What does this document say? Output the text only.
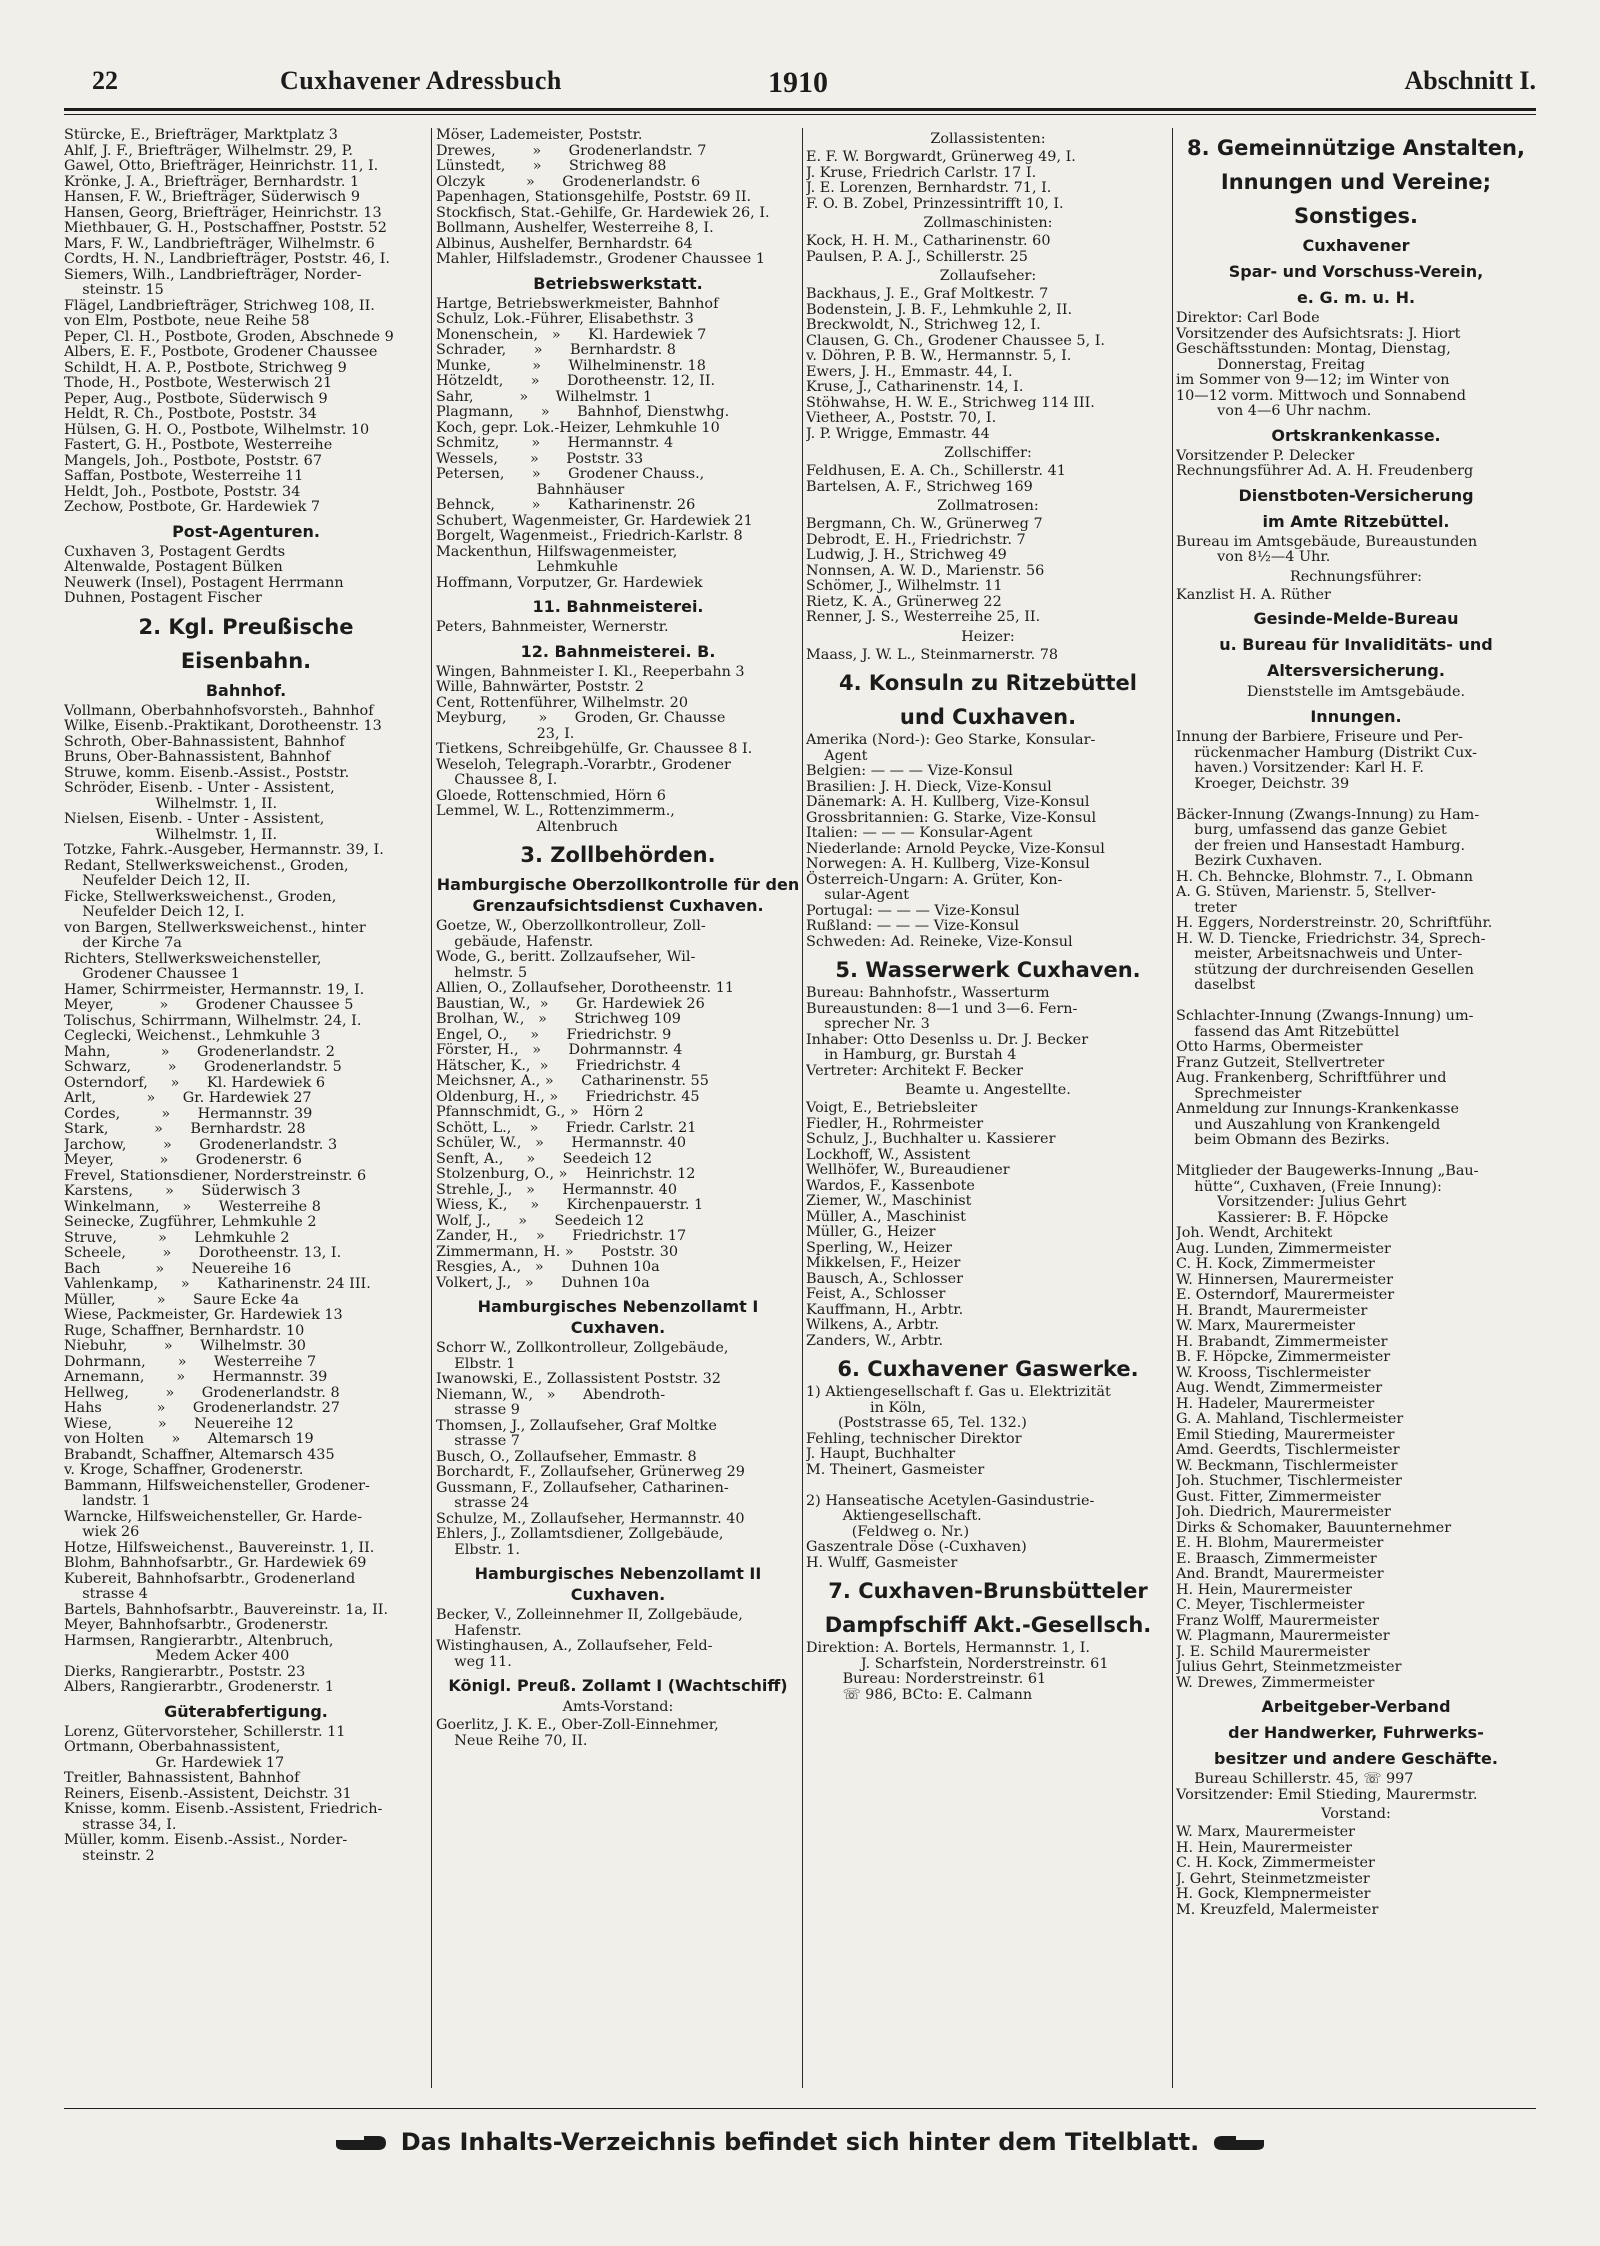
22	Cuxhavener Adressbuch	1910	Abschnitt I.
Stürcke, E., Briefträger, Marktplatz 3
Ahlf, J. F., Briefträger, Wilhelmstr. 29, P.
Gawel, Otto, Briefträger, Heinrichstr. 11, I.
Krönke, J. A., Briefträger, Bernhardstr. 1
Hansen, F. W., Briefträger, Süderwisch 9
Hansen, Georg, Briefträger, Heinrichstr. 13
Miethbauer, G. H., Postschaffner, Poststr. 52
Mars, F. W., Landbriefträger, Wilhelmstr. 6
Cordts, H. N., Landbriefträger, Poststr. 46, I.
Siemers, Wilh., Landbriefträger, Norder-
steinstr. 15
Flägel, Landbriefträger, Strichweg 108, II.
von Elm, Postbote, neue Reihe 58
Peper, Cl. H., Postbote, Groden, Abschnede 9
Albers, E. F., Postbote, Grodener Chaussee
Schildt, H. A. P., Postbote, Strichweg 9
Thode, H., Postbote, Westerwisch 21
Peper, Aug., Postbote, Süderwisch 9
Heldt, R. Ch., Postbote, Poststr. 34
Hülsen, G. H. O., Postbote, Wilhelmstr. 10
Fastert, G. H., Postbote, Westerreihe
Mangels, Joh., Postbote, Poststr. 67
Saffan, Postbote, Westerreihe 11
Heldt, Joh., Postbote, Poststr. 34
Zechow, Postbote, Gr. Hardewiek 7
Post-Agenturen.
Cuxhaven 3, Postagent Gerdts
Altenwalde, Postagent Bülken
Neuwerk (Insel), Postagent Herrmann
Duhnen, Postagent Fischer
2. Kgl. Preußische
Eisenbahn.
Bahnhof.
Vollmann, Oberbahnhofsvorsteh., Bahnhof
Wilke, Eisenb.-Praktikant, Dorotheenstr. 13
Schroth, Ober-Bahnassistent, Bahnhof
Bruns, Ober-Bahnassistent, Bahnhof
Struwe, komm. Eisenb.-Assist., Poststr.
Schröder, Eisenb. - Unter - Assistent,
Wilhelmstr. 1, II.
Nielsen, Eisenb. - Unter - Assistent,
Wilhelmstr. 1, II.
Totzke, Fahrk.-Ausgeber, Hermannstr. 39, I.
Redant, Stellwerksweichenst., Groden,
Neufelder Deich 12, II.
Ficke, Stellwerksweichenst., Groden,
Neufelder Deich 12, I.
von Bargen, Stellwerksweichenst., hinter
der Kirche 7a
Richters, Stellwerksweichensteller,
Grodener Chaussee 1
Hamer, Schirrmeister, Hermannstr. 19, I.
Meyer,          »      Grodener Chaussee 5
Tolischus, Schirrmann, Wilhelmstr. 24, I.
Ceglecki, Weichenst., Lehmkuhle 3
Mahn,           »      Grodenerlandstr. 2
Schwarz,        »      Grodenerlandstr. 5
Osterndorf,     »      Kl. Hardewiek 6
Arlt,           »      Gr. Hardewiek 27
Cordes,         »      Hermannstr. 39
Stark,          »      Bernhardstr. 28
Jarchow,        »      Grodenerlandstr. 3
Meyer,          »      Grodenerstr. 6
Frevel, Stationsdiener, Norderstreinstr. 6
Karstens,       »      Süderwisch 3
Winkelmann,     »      Westerreihe 8
Seinecke, Zugführer, Lehmkuhle 2
Struve,         »      Lehmkuhle 2
Scheele,        »      Dorotheenstr. 13, I.
Bach            »      Neuereihe 16
Vahlenkamp,     »      Katharinenstr. 24 III.
Müller,         »      Saure Ecke 4a
Wiese, Packmeister, Gr. Hardewiek 13
Ruge, Schaffner, Bernhardstr. 10
Niebuhr,        »      Wilhelmstr. 30
Dohrmann,       »      Westerreihe 7
Arnemann,       »      Hermannstr. 39
Hellweg,        »      Grodenerlandstr. 8
Hahs            »      Grodenerlandstr. 27
Wiese,          »      Neuereihe 12
von Holten      »      Altemarsch 19
Brabandt, Schaffner, Altemarsch 435
v. Kroge, Schaffner, Grodenerstr.
Bammann, Hilfsweichensteller, Grodener-
landstr. 1
Warncke, Hilfsweichensteller, Gr. Harde-
wiek 26
Hotze, Hilfsweichenst., Bauvereinstr. 1, II.
Blohm, Bahnhofsarbtr., Gr. Hardewiek 69
Kubereit, Bahnhofsarbtr., Grodenerland
strasse 4
Bartels, Bahnhofsarbtr., Bauvereinstr. 1a, II.
Meyer, Bahnhofsarbtr., Grodenerstr.
Harmsen, Rangierarbtr., Altenbruch,
Medem Acker 400
Dierks, Rangierarbtr., Poststr. 23
Albers, Rangierarbtr., Grodenerstr. 1
Güterabfertigung.
Lorenz, Gütervorsteher, Schillerstr. 11
Ortmann, Oberbahnassistent,
Gr. Hardewiek 17
Treitler, Bahnassistent, Bahnhof
Reiners, Eisenb.-Assistent, Deichstr. 31
Knisse, komm. Eisenb.-Assistent, Friedrich-
strasse 34, I.
Müller, komm. Eisenb.-Assist., Norder-
steinstr. 2
Möser, Lademeister, Poststr.
Drewes,        »      Grodenerlandstr. 7
Lünstedt,      »      Strichweg 88
Olczyk         »      Grodenerlandstr. 6
Papenhagen, Stationsgehilfe, Poststr. 69 II.
Stockfisch, Stat.-Gehilfe, Gr. Hardewiek 26, I.
Bollmann, Aushelfer, Westerreihe 8, I.
Albinus, Aushelfer, Bernhardstr. 64
Mahler, Hilfslademstr., Grodener Chaussee 1
Betriebswerkstatt.
Hartge, Betriebswerkmeister, Bahnhof
Schulz, Lok.-Führer, Elisabethstr. 3
Monenschein,   »      Kl. Hardewiek 7
Schrader,      »      Bernhardstr. 8
Munke,         »      Wilhelminenstr. 18
Hötzeldt,      »      Dorotheenstr. 12, II.
Sahr,          »      Wilhelmstr. 1
Plagmann,      »      Bahnhof, Dienstwhg.
Koch, gepr. Lok.-Heizer, Lehmkuhle 10
Schmitz,       »      Hermannstr. 4
Wessels,       »      Poststr. 33
Petersen,      »      Grodener Chauss.,
Bahnhäuser
Behnck,        »      Katharinenstr. 26
Schubert, Wagenmeister, Gr. Hardewiek 21
Borgelt, Wagenmeist., Friedrich-Karlstr. 8
Mackenthun, Hilfswagenmeister,
Lehmkuhle
Hoffmann, Vorputzer, Gr. Hardewiek
11. Bahnmeisterei.
Peters, Bahnmeister, Wernerstr.
12. Bahnmeisterei. B.
Wingen, Bahnmeister I. Kl., Reeperbahn 3
Wille, Bahnwärter, Poststr. 2
Cent, Rottenführer, Wilhelmstr. 20
Meyburg,       »      Groden, Gr. Chausse
23, I.
Tietkens, Schreibgehülfe, Gr. Chaussee 8 I.
Weseloh, Telegraph.-Vorarbtr., Grodener
Chaussee 8, I.
Gloede, Rottenschmied, Hörn 6
Lemmel, W. L., Rottenzimmerm.,
Altenbruch
3. Zollbehörden.
Hamburgische Oberzollkontrolle für den Grenzaufsichtsdienst Cuxhaven.
Goetze, W., Oberzollkontrolleur, Zoll-
gebäude, Hafenstr.
Wode, G., beritt. Zollzaufseher, Wil-
helmstr. 5
Allien, O., Zollaufseher, Dorotheenstr. 11
Baustian, W.,  »      Gr. Hardewiek 26
Brolhan, W.,   »      Strichweg 109
Engel, O.,     »      Friedrichstr. 9
Förster, H.,   »      Dohrmannstr. 4
Hätscher, K.,  »      Friedrichstr. 4
Meichsner, A., »      Catharinenstr. 55
Oldenburg, H., »      Friedrichstr. 45
Pfannschmidt, G., »   Hörn 2
Schött, L.,    »      Friedr. Carlstr. 21
Schüler, W.,   »      Hermannstr. 40
Senft, A.,     »      Seedeich 12
Stolzenburg, O., »    Heinrichstr. 12
Strehle, J.,   »      Hermannstr. 40
Wiess, K.,     »      Kirchenpauerstr. 1
Wolf, J.,      »      Seedeich 12
Zander, H.,    »      Friedrichstr. 17
Zimmermann, H. »      Poststr. 30
Resgies, A.,   »      Duhnen 10a
Volkert, J.,   »      Duhnen 10a
Hamburgisches Nebenzollamt I Cuxhaven.
Schorr W., Zollkontrolleur, Zollgebäude,
Elbstr. 1
Iwanowski, E., Zollassistent Poststr. 32
Niemann, W.,   »      Abendroth-
strasse 9
Thomsen, J., Zollaufseher, Graf Moltke
strasse 7
Busch, O., Zollaufseher, Emmastr. 8
Borchardt, F., Zollaufseher, Grünerweg 29
Gussmann, F., Zollaufseher, Catharinen-
strasse 24
Schulze, M., Zollaufseher, Hermannstr. 40
Ehlers, J., Zollamtsdiener, Zollgebäude,
Elbstr. 1.
Hamburgisches Nebenzollamt II Cuxhaven.
Becker, V., Zolleinnehmer II, Zollgebäude,
Hafenstr.
Wistinghausen, A., Zollaufseher, Feld-
weg 11.
Königl. Preuß. Zollamt I (Wachtschiff)
Amts-Vorstand:
Goerlitz, J. K. E., Ober-Zoll-Einnehmer,
Neue Reihe 70, II.
Zollassistenten:
E. F. W. Borgwardt, Grünerweg 49, I.
J. Kruse, Friedrich Carlstr. 17 I.
J. E. Lorenzen, Bernhardstr. 71, I.
F. O. B. Zobel, Prinzessintrifft 10, I.
Zollmaschinisten:
Kock, H. H. M., Catharinenstr. 60
Paulsen, P. A. J., Schillerstr. 25
Zollaufseher:
Backhaus, J. E., Graf Moltkestr. 7
Bodenstein, J. B. F., Lehmkuhle 2, II.
Breckwoldt, N., Strichweg 12, I.
Clausen, G. Ch., Grodener Chaussee 5, I.
v. Döhren, P. B. W., Hermannstr. 5, I.
Ewers, J. H., Emmastr. 44, I.
Kruse, J., Catharinenstr. 14, I.
Stöhwahse, H. W. E., Strichweg 114 III.
Vietheer, A., Poststr. 70, I.
J. P. Wrigge, Emmastr. 44
Zollschiffer:
Feldhusen, E. A. Ch., Schillerstr. 41
Bartelsen, A. F., Strichweg 169
Zollmatrosen:
Bergmann, Ch. W., Grünerweg 7
Debrodt, E. H., Friedrichstr. 7
Ludwig, J. H., Strichweg 49
Nonnsen, A. W. D., Marienstr. 56
Schömer, J., Wilhelmstr. 11
Rietz, K. A., Grünerweg 22
Renner, J. S., Westerreihe 25, II.
Heizer:
Maass, J. W. L., Steinmarnerstr. 78
4. Konsuln zu Ritzebüttel
und Cuxhaven.
Amerika (Nord-): Geo Starke, Konsular-
Agent
Belgien: — — — Vize-Konsul
Brasilien: J. H. Dieck, Vize-Konsul
Dänemark: A. H. Kullberg, Vize-Konsul
Grossbritannien: G. Starke, Vize-Konsul
Italien: — — — Konsular-Agent
Niederlande: Arnold Peycke, Vize-Konsul
Norwegen: A. H. Kullberg, Vize-Konsul
Österreich-Ungarn: A. Grüter, Kon-
sular-Agent
Portugal: — — — Vize-Konsul
Rußland: — — — Vize-Konsul
Schweden: Ad. Reineke, Vize-Konsul
5. Wasserwerk Cuxhaven.
Bureau: Bahnhofstr., Wasserturm
Bureaustunden: 8—1 und 3—6. Fern-
sprecher Nr. 3
Inhaber: Otto Desenlss u. Dr. J. Becker
in Hamburg, gr. Burstah 4
Vertreter: Architekt F. Becker
Beamte u. Angestellte.
Voigt, E., Betriebsleiter
Fiedler, H., Rohrmeister
Schulz, J., Buchhalter u. Kassierer
Lockhoff, W., Assistent
Wellhöfer, W., Bureaudiener
Wardos, F., Kassenbote
Ziemer, W., Maschinist
Müller, A., Maschinist
Müller, G., Heizer
Sperling, W., Heizer
Mikkelsen, F., Heizer
Bausch, A., Schlosser
Feist, A., Schlosser
Kauffmann, H., Arbtr.
Wilkens, A., Arbtr.
Zanders, W., Arbtr.
6. Cuxhavener Gaswerke.
1) Aktiengesellschaft f. Gas u. Elektrizität
in Köln,
(Poststrasse 65, Tel. 132.)
Fehling, technischer Direktor
J. Haupt, Buchhalter
M. Theinert, Gasmeister
2) Hanseatische Acetylen-Gasindustrie-
Aktiengesellschaft.
(Feldweg o. Nr.)
Gaszentrale Döse (-Cuxhaven)
H. Wulff, Gasmeister
7. Cuxhaven-Brunsbütteler
Dampfschiff Akt.-Gesellsch.
Direktion: A. Bortels, Hermannstr. 1, I.
J. Scharfstein, Norderstreinstr. 61
Bureau: Norderstreinstr. 61
☏ 986, BCto: E. Calmann
8. Gemeinnützige Anstalten,
Innungen und Vereine;
Sonstiges.
Cuxhavener
Spar- und Vorschuss-Verein,
e. G. m. u. H.
Direktor: Carl Bode
Vorsitzender des Aufsichtsrats: J. Hiort
Geschäftsstunden: Montag, Dienstag,
Donnerstag, Freitag
im Sommer von 9—12; im Winter von
10—12 vorm. Mittwoch und Sonnabend
von 4—6 Uhr nachm.
Ortskrankenkasse.
Vorsitzender P. Delecker
Rechnungsführer Ad. A. H. Freudenberg
Dienstboten-Versicherung
im Amte Ritzebüttel.
Bureau im Amtsgebäude, Bureaustunden
von 8½—4 Uhr.
Rechnungsführer:
Kanzlist H. A. Rüther
Gesinde-Melde-Bureau
u. Bureau für Invaliditäts- und
Altersversicherung.
Dienststelle im Amtsgebäude.
Innungen.
Innung der Barbiere, Friseure und Per-
rückenmacher Hamburg (Distrikt Cux-
haven.) Vorsitzender: Karl H. F.
Kroeger, Deichstr. 39
Bäcker-Innung (Zwangs-Innung) zu Ham-
burg, umfassend das ganze Gebiet
der freien und Hansestadt Hamburg.
Bezirk Cuxhaven.
H. Ch. Behncke, Blohmstr. 7., I. Obmann
A. G. Stüven, Marienstr. 5, Stellver-
treter
H. Eggers, Norderstreinstr. 20, Schriftführ.
H. W. D. Tiencke, Friedrichstr. 34, Sprech-
meister, Arbeitsnachweis und Unter-
stützung der durchreisenden Gesellen
daselbst
Schlachter-Innung (Zwangs-Innung) um-
fassend das Amt Ritzebüttel
Otto Harms, Obermeister
Franz Gutzeit, Stellvertreter
Aug. Frankenberg, Schriftführer und
Sprechmeister
Anmeldung zur Innungs-Krankenkasse
und Auszahlung von Krankengeld
beim Obmann des Bezirks.
Mitglieder der Baugewerks-Innung „Bau-
hütte“, Cuxhaven, (Freie Innung):
Vorsitzender: Julius Gehrt
Kassierer: B. F. Höpcke
Joh. Wendt, Architekt
Aug. Lunden, Zimmermeister
C. H. Kock, Zimmermeister
W. Hinnersen, Maurermeister
E. Osterndorf, Maurermeister
H. Brandt, Maurermeister
W. Marx, Maurermeister
H. Brabandt, Zimmermeister
B. F. Höpcke, Zimmermeister
W. Krooss, Tischlermeister
Aug. Wendt, Zimmermeister
H. Hadeler, Maurermeister
G. A. Mahland, Tischlermeister
Emil Stieding, Maurermeister
Amd. Geerdts, Tischlermeister
W. Beckmann, Tischlermeister
Joh. Stuchmer, Tischlermeister
Gust. Fitter, Zimmermeister
Joh. Diedrich, Maurermeister
Dirks & Schomaker, Bauunternehmer
E. H. Blohm, Maurermeister
E. Braasch, Zimmermeister
And. Brandt, Maurermeister
H. Hein, Maurermeister
C. Meyer, Tischlermeister
Franz Wolff, Maurermeister
W. Plagmann, Maurermeister
J. E. Schild Maurermeister
Julius Gehrt, Steinmetzmeister
W. Drewes, Zimmermeister
Arbeitgeber-Verband
der Handwerker, Fuhrwerks-
besitzer und andere Geschäfte.
Bureau Schillerstr. 45, ☏ 997
Vorsitzender: Emil Stieding, Maurermstr.
Vorstand:
W. Marx, Maurermeister
H. Hein, Maurermeister
C. H. Kock, Zimmermeister
J. Gehrt, Steinmetzmeister
H. Gock, Klempnermeister
M. Kreuzfeld, Malermeister
Das Inhalts-Verzeichnis befindet sich hinter dem Titelblatt.
